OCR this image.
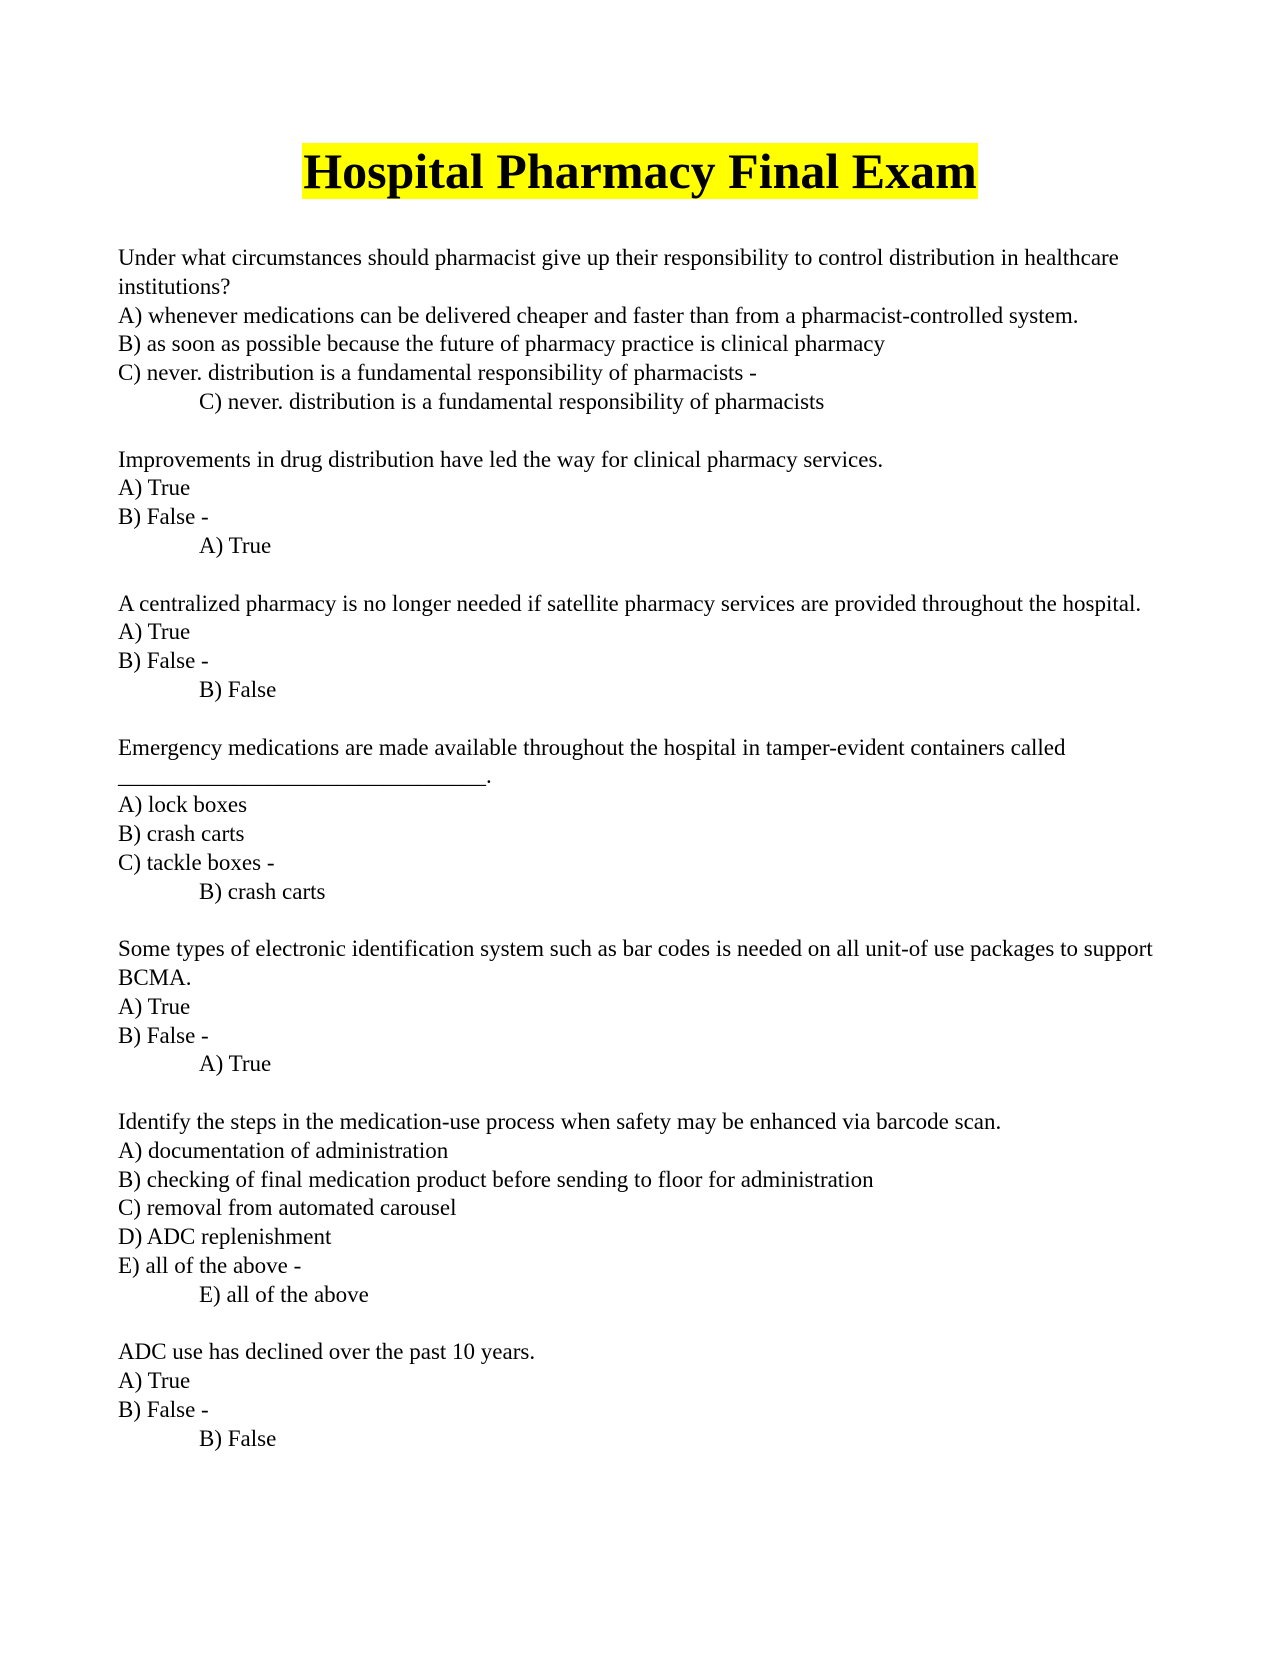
Hospital Pharmacy Final Exam

Under what circumstances should pharmacist give up their responsibility to control distribution in healthcare institutions?

A) whenever medications can be delivered cheaper and faster than from a pharmacist-controlled system.

B) as soon as possible because the future of pharmacy practice is clinical pharmacy

C) never. distribution is a fundamental responsibility of pharmacists -

C) never. distribution is a fundamental responsibility of pharmacists

Improvements in drug distribution have led the way for clinical pharmacy services.

A) True

B) False -

A) True

A centralized pharmacy is no longer needed if satellite pharmacy services are provided throughout the hospital.

A) True

B) False -

B) False

Emergency medications are made available throughout the hospital in tamper-evident containers called ________________________________.

A) lock boxes

B) crash carts

C) tackle boxes -

B) crash carts

Some types of electronic identification system such as bar codes is needed on all unit-of use packages to support BCMA.

A) True

B) False -

A) True

Identify the steps in the medication-use process when safety may be enhanced via barcode scan.

A) documentation of administration

B) checking of final medication product before sending to floor for administration

C) removal from automated carousel

D) ADC replenishment

E) all of the above -

E) all of the above

ADC use has declined over the past 10 years.

A) True

B) False -

B) False
